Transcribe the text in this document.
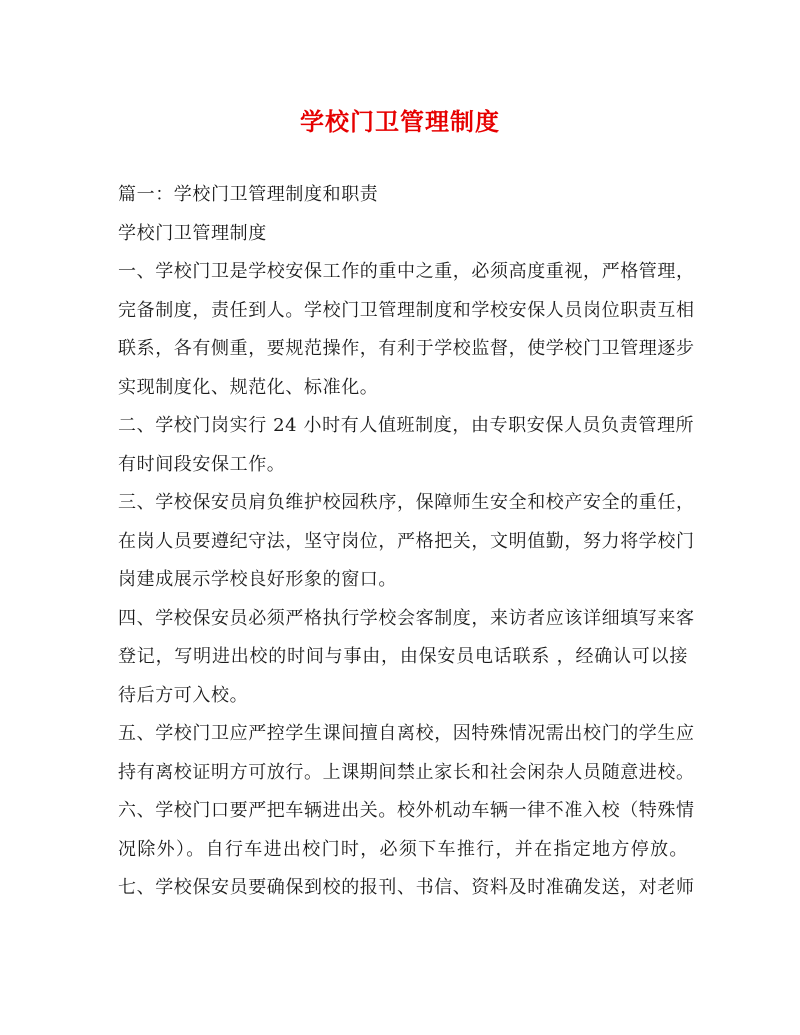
学校门卫管理制度
篇一：学校门卫管理制度和职责
学校门卫管理制度
一、学校门卫是学校安保工作的重中之重，必须高度重视，严格管理，
完备制度，责任到人。学校门卫管理制度和学校安保人员岗位职责互相
联系，各有侧重，要规范操作，有利于学校监督，使学校门卫管理逐步
实现制度化、规范化、标准化。
二、学校门岗实行 24 小时有人值班制度，由专职安保人员负责管理所
有时间段安保工作。
三、学校保安员肩负维护校园秩序，保障师生安全和校产安全的重任，
在岗人员要遵纪守法，坚守岗位，严格把关，文明值勤，努力将学校门
岗建成展示学校良好形象的窗口。
四、学校保安员必须严格执行学校会客制度，来访者应该详细填写来客
登记，写明进出校的时间与事由，由保安员电话联系 ，经确认可以接
待后方可入校。
五、学校门卫应严控学生课间擅自离校，因特殊情况需出校门的学生应
持有离校证明方可放行。上课期间禁止家长和社会闲杂人员随意进校。
六、学校门口要严把车辆进出关。校外机动车辆一律不准入校（特殊情
况除外）。自行车进出校门时，必须下车推行，并在指定地方停放。
七、学校保安员要确保到校的报刊、书信、资料及时准确发送，对老师
